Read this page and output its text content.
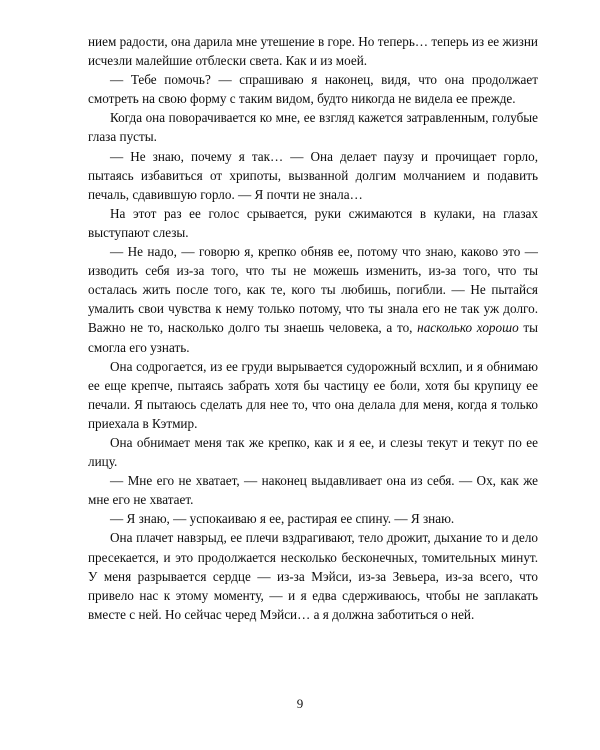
нием радости, она дарила мне утешение в горе. Но теперь… теперь из ее жизни исчезли малейшие отблески света. Как и из моей.

— Тебе помочь? — спрашиваю я наконец, видя, что она продолжает смотреть на свою форму с таким видом, будто никогда не видела ее прежде.

Когда она поворачивается ко мне, ее взгляд кажется затравленным, голубые глаза пусты.

— Не знаю, почему я так… — Она делает паузу и прочищает горло, пытаясь избавиться от хрипоты, вызванной долгим молчанием и подавить печаль, сдавившую горло. — Я почти не знала…

На этот раз ее голос срывается, руки сжимаются в кулаки, на глазах выступают слезы.

— Не надо, — говорю я, крепко обняв ее, потому что знаю, каково это — изводить себя из-за того, что ты не можешь изменить, из-за того, что ты осталась жить после того, как те, кого ты любишь, погибли. — Не пытайся умалить свои чувства к нему только потому, что ты знала его не так уж долго. Важно не то, насколько долго ты знаешь человека, а то, насколько хорошо ты смогла его узнать.

Она содрогается, из ее груди вырывается судорожный всхлип, и я обнимаю ее еще крепче, пытаясь забрать хотя бы частицу ее боли, хотя бы крупицу ее печали. Я пытаюсь сделать для нее то, что она делала для меня, когда я только приехала в Кэтмир.

Она обнимает меня так же крепко, как и я ее, и слезы текут и текут по ее лицу.

— Мне его не хватает, — наконец выдавливает она из себя. — Ох, как же мне его не хватает.

— Я знаю, — успокаиваю я ее, растирая ее спину. — Я знаю.

Она плачет навзрыд, ее плечи вздрагивают, тело дрожит, дыхание то и дело пресекается, и это продолжается несколько бесконечных, томительных минут. У меня разрывается сердце — из-за Мэйси, из-за Зевьера, из-за всего, что привело нас к этому моменту, — и я едва сдерживаюсь, чтобы не заплакать вместе с ней. Но сейчас черед Мэйси… а я должна заботиться о ней.

9
